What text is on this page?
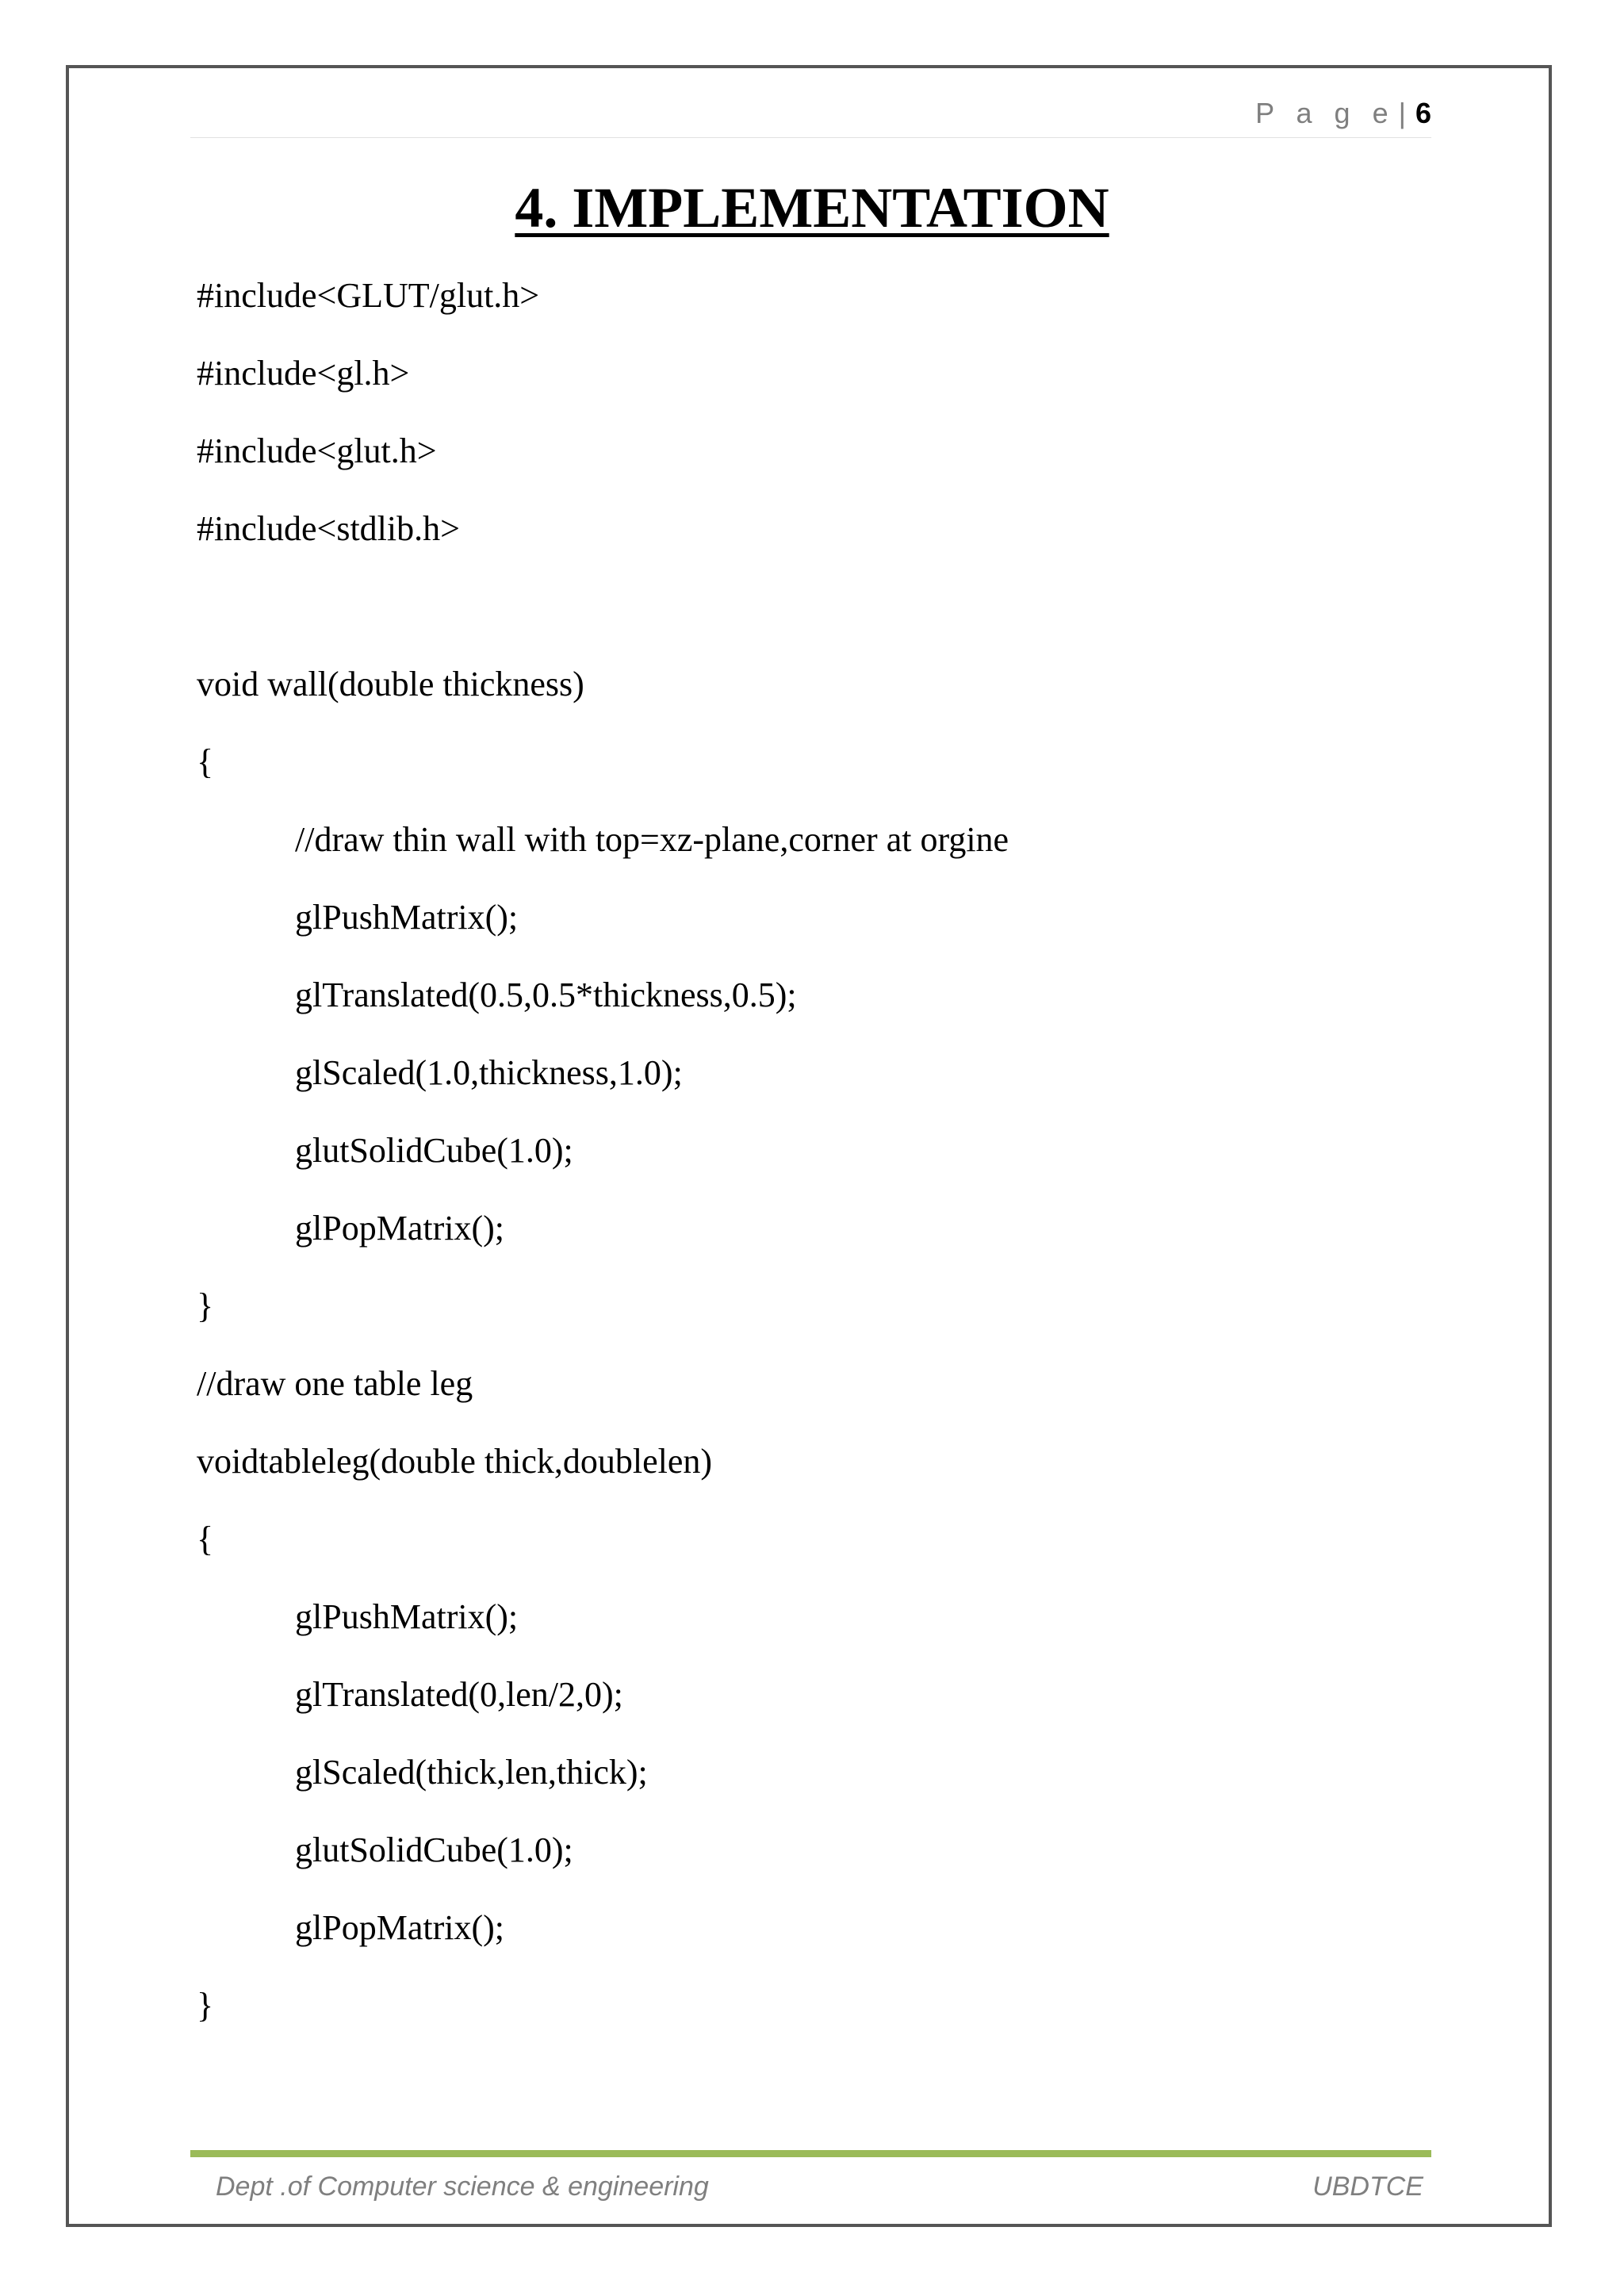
P a g e | 6
4. IMPLEMENTATION
#include<GLUT/glut.h>
#include<gl.h>
#include<glut.h>
#include<stdlib.h>
void wall(double thickness)
{
//draw thin wall with top=xz-plane,corner at orgine
glPushMatrix();
glTranslated(0.5,0.5*thickness,0.5);
glScaled(1.0,thickness,1.0);
glutSolidCube(1.0);
glPopMatrix();
}
//draw one table leg
voidtableleg(double thick,doublelen)
{
glPushMatrix();
glTranslated(0,len/2,0);
glScaled(thick,len,thick);
glutSolidCube(1.0);
glPopMatrix();
}
Dept .of Computer science & engineering	UBDTCE
